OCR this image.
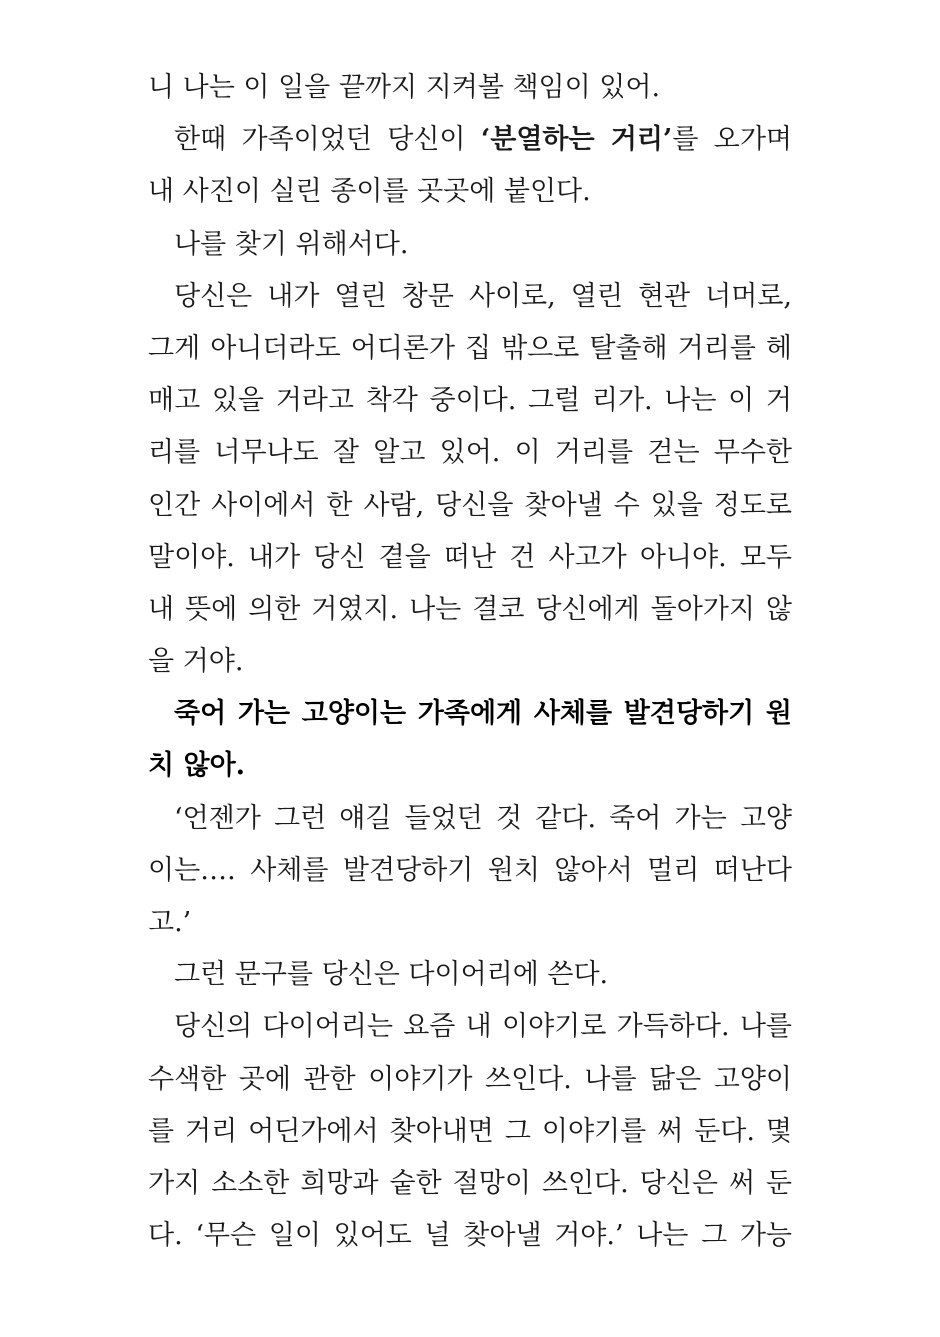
니 나는 이 일을 끝까지 지켜볼 책임이 있어.
한때 가족이었던 당신이 ‘분열하는 거리’를 오가며
내 사진이 실린 종이를 곳곳에 붙인다.
나를 찾기 위해서다.
당신은 내가 열린 창문 사이로, 열린 현관 너머로,
그게 아니더라도 어디론가 집 밖으로 탈출해 거리를 헤
매고 있을 거라고 착각 중이다. 그럴 리가. 나는 이 거
리를 너무나도 잘 알고 있어. 이 거리를 걷는 무수한
인간 사이에서 한 사람, 당신을 찾아낼 수 있을 정도로
말이야. 내가 당신 곁을 떠난 건 사고가 아니야. 모두
내 뜻에 의한 거였지. 나는 결코 당신에게 돌아가지 않
을 거야.
죽어 가는 고양이는 가족에게 사체를 발견당하기 원
치 않아.
‘언젠가 그런 얘길 들었던 것 같다. 죽어 가는 고양
이는…. 사체를 발견당하기 원치 않아서 멀리 떠난다
고.’
그런 문구를 당신은 다이어리에 쓴다.
당신의 다이어리는 요즘 내 이야기로 가득하다. 나를
수색한 곳에 관한 이야기가 쓰인다. 나를 닮은 고양이
를 거리 어딘가에서 찾아내면 그 이야기를 써 둔다. 몇
가지 소소한 희망과 숱한 절망이 쓰인다. 당신은 써 둔
다. ‘무슨 일이 있어도 널 찾아낼 거야.’ 나는 그 가능
